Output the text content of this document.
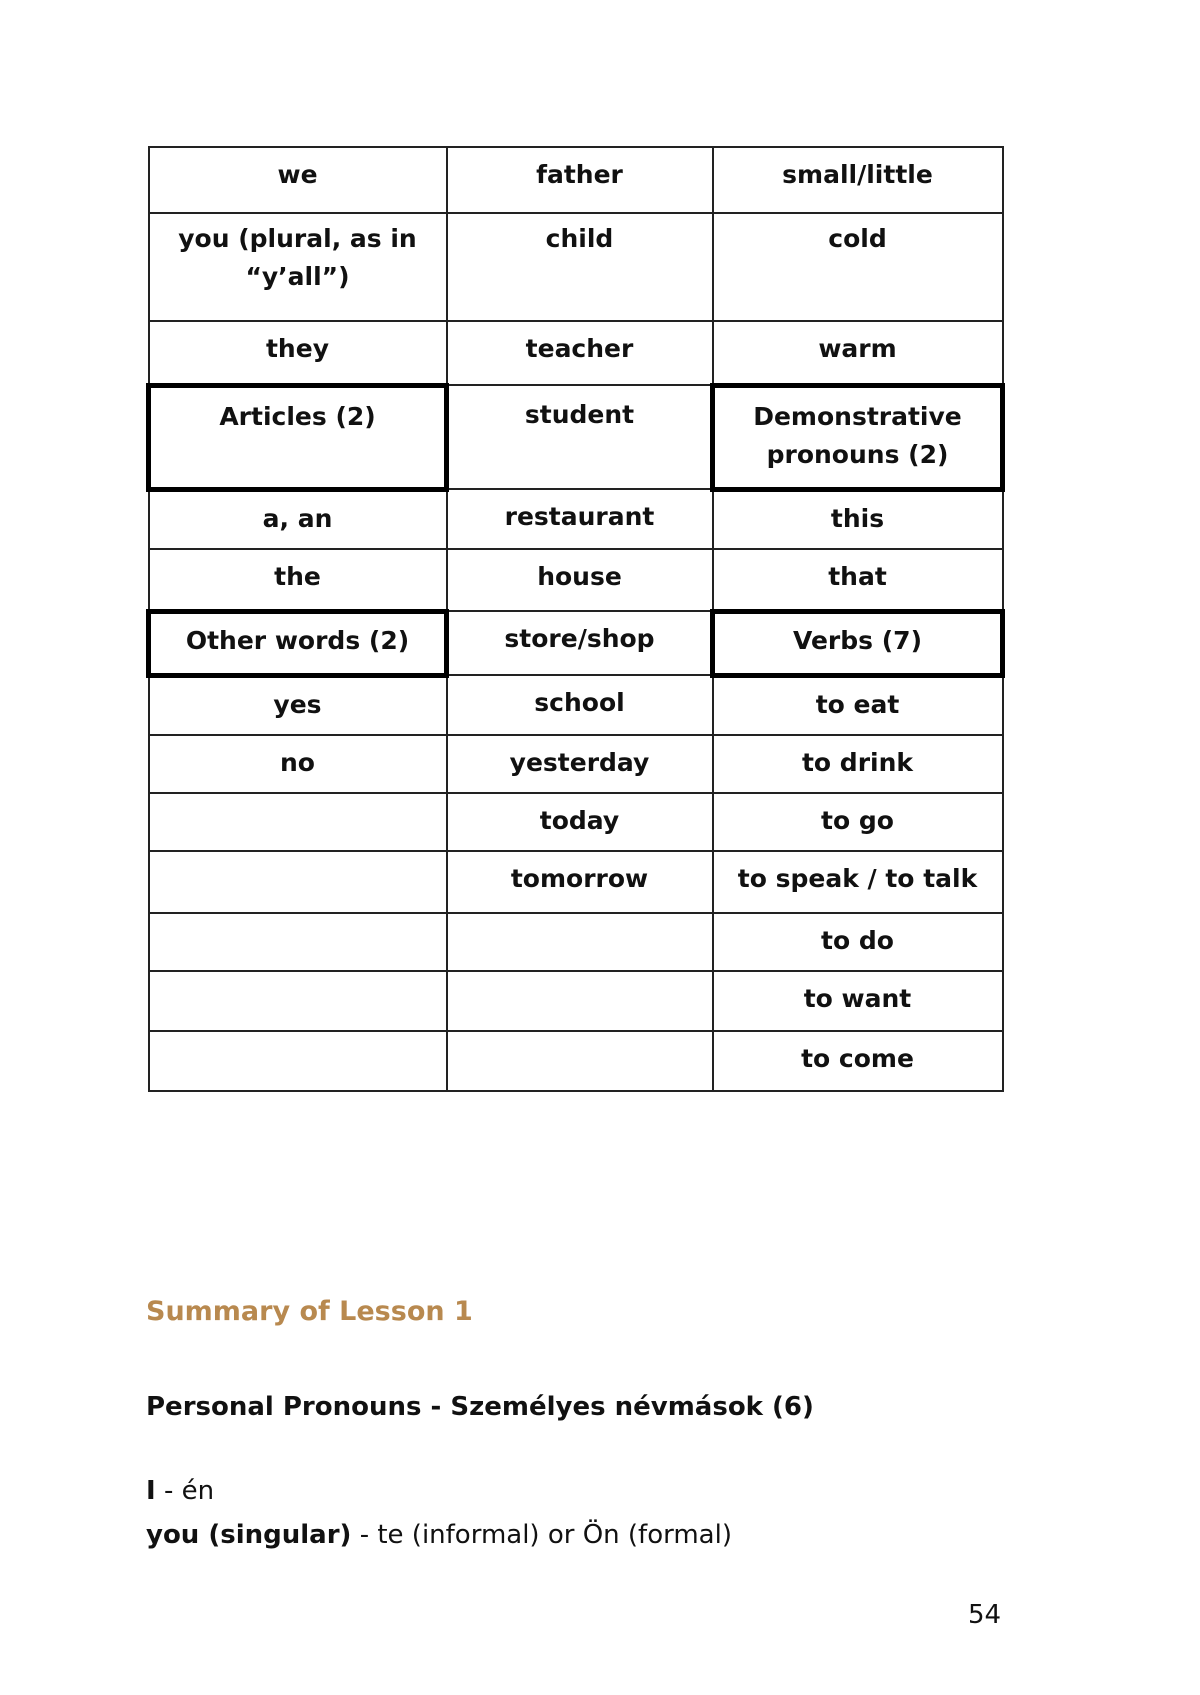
we	father	small/little
you (plural, as in “y’all”)	child	cold
they	teacher	warm
Articles (2)	student	Demonstrative pronouns (2)
a, an	restaurant	this
the	house	that
Other words (2)	store/shop	Verbs (7)
yes	school	to eat
no	yesterday	to drink
	today	to go
	tomorrow	to speak / to talk
		to do
		to want
		to come
Summary of Lesson 1
Personal Pronouns - Személyes névmások (6)

I - én

you (singular) - te (informal) or Ön (formal)

54
